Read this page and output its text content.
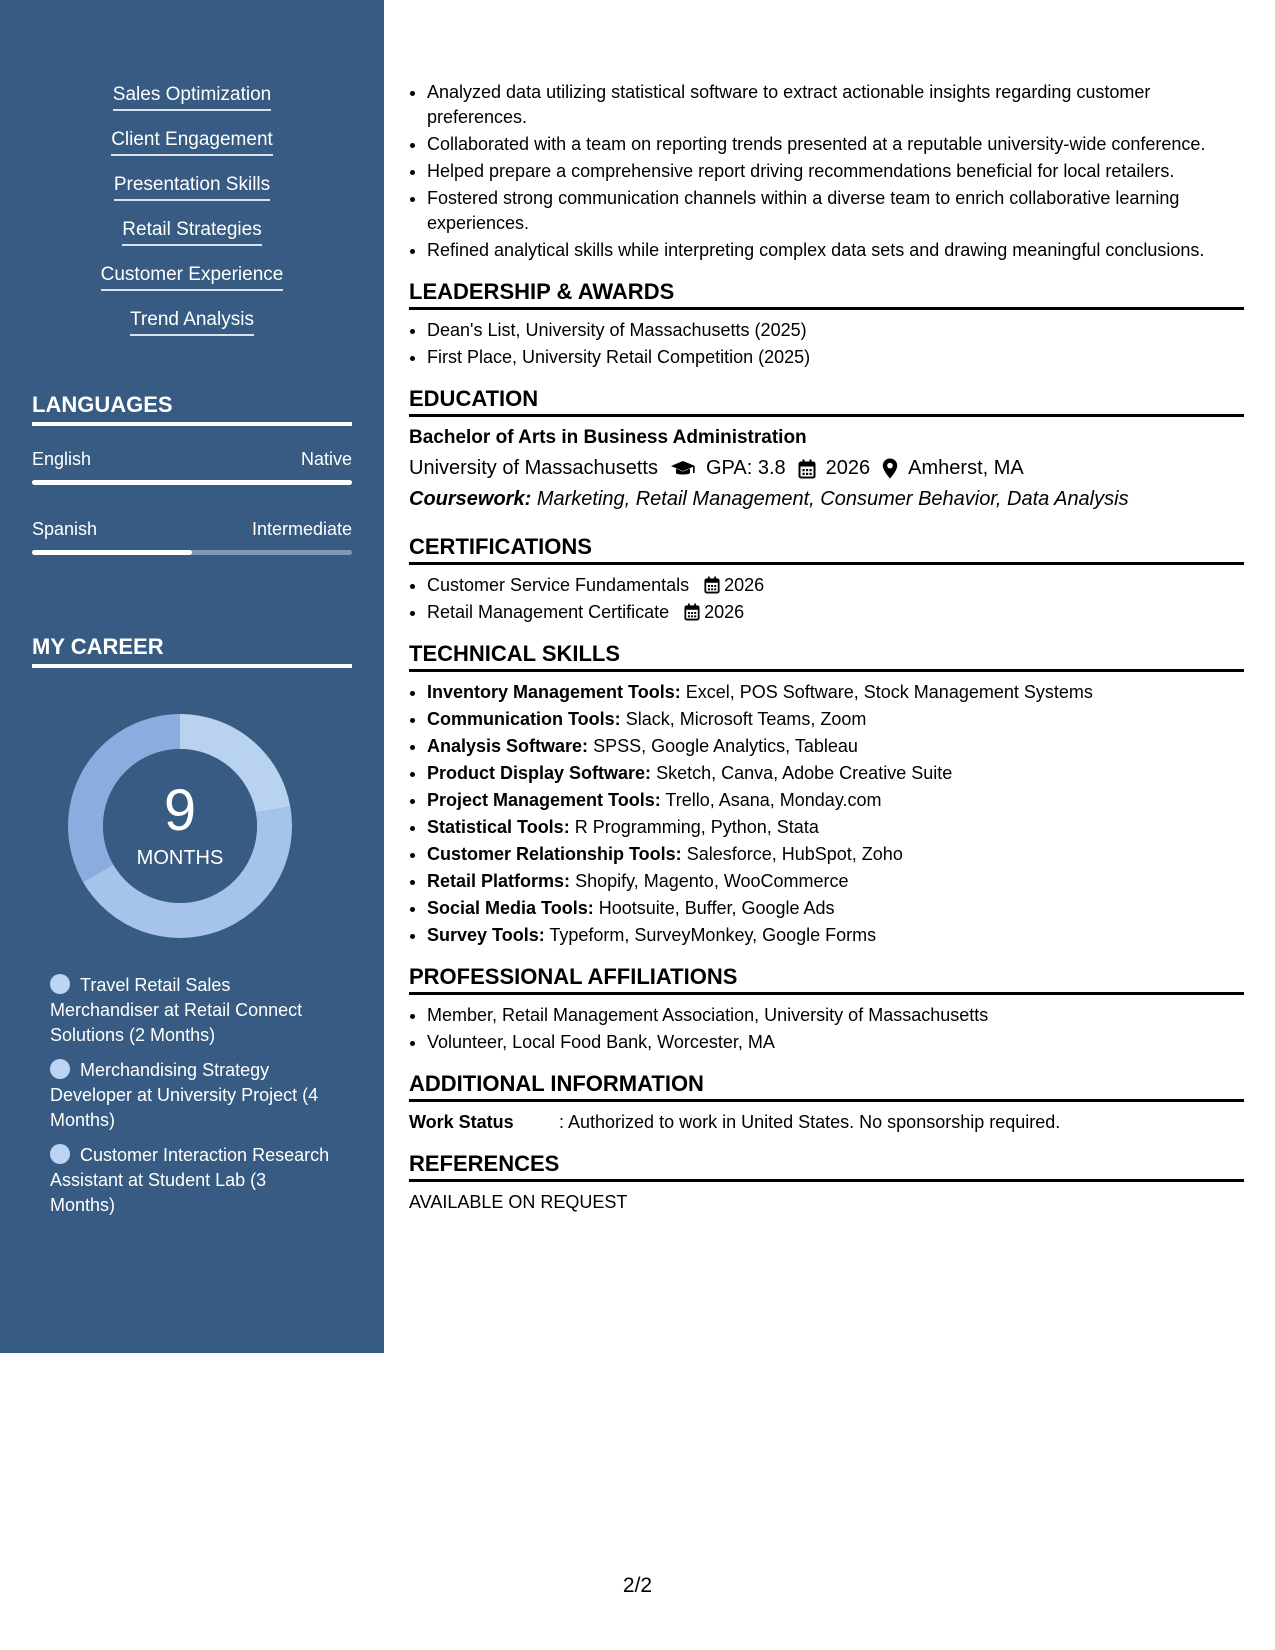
Sales Optimization
Client Engagement
Presentation Skills
Retail Strategies
Customer Experience
Trend Analysis
LANGUAGES
English	Native
Spanish	Intermediate
MY CAREER
9
MONTHS
Travel Retail Sales Merchandiser at Retail Connect Solutions (2 Months)
Merchandising Strategy Developer at University Project (4 Months)
Customer Interaction Research Assistant at Student Lab (3 Months)
• Analyzed data utilizing statistical software to extract actionable insights regarding customer preferences.
• Collaborated with a team on reporting trends presented at a reputable university-wide conference.
• Helped prepare a comprehensive report driving recommendations beneficial for local retailers.
• Fostered strong communication channels within a diverse team to enrich collaborative learning experiences.
• Refined analytical skills while interpreting complex data sets and drawing meaningful conclusions.
LEADERSHIP & AWARDS
• Dean's List, University of Massachusetts (2025)
• First Place, University Retail Competition (2025)
EDUCATION
Bachelor of Arts in Business Administration
University of Massachusetts GPA: 3.8 2026 Amherst, MA
Coursework: Marketing, Retail Management, Consumer Behavior, Data Analysis
CERTIFICATIONS
• Customer Service Fundamentals 2026
• Retail Management Certificate 2026
TECHNICAL SKILLS
• Inventory Management Tools: Excel, POS Software, Stock Management Systems
• Communication Tools: Slack, Microsoft Teams, Zoom
• Analysis Software: SPSS, Google Analytics, Tableau
• Product Display Software: Sketch, Canva, Adobe Creative Suite
• Project Management Tools: Trello, Asana, Monday.com
• Statistical Tools: R Programming, Python, Stata
• Customer Relationship Tools: Salesforce, HubSpot, Zoho
• Retail Platforms: Shopify, Magento, WooCommerce
• Social Media Tools: Hootsuite, Buffer, Google Ads
• Survey Tools: Typeform, SurveyMonkey, Google Forms
PROFESSIONAL AFFILIATIONS
• Member, Retail Management Association, University of Massachusetts
• Volunteer, Local Food Bank, Worcester, MA
ADDITIONAL INFORMATION
Work Status	: Authorized to work in United States. No sponsorship required.
REFERENCES
AVAILABLE ON REQUEST
2/2
